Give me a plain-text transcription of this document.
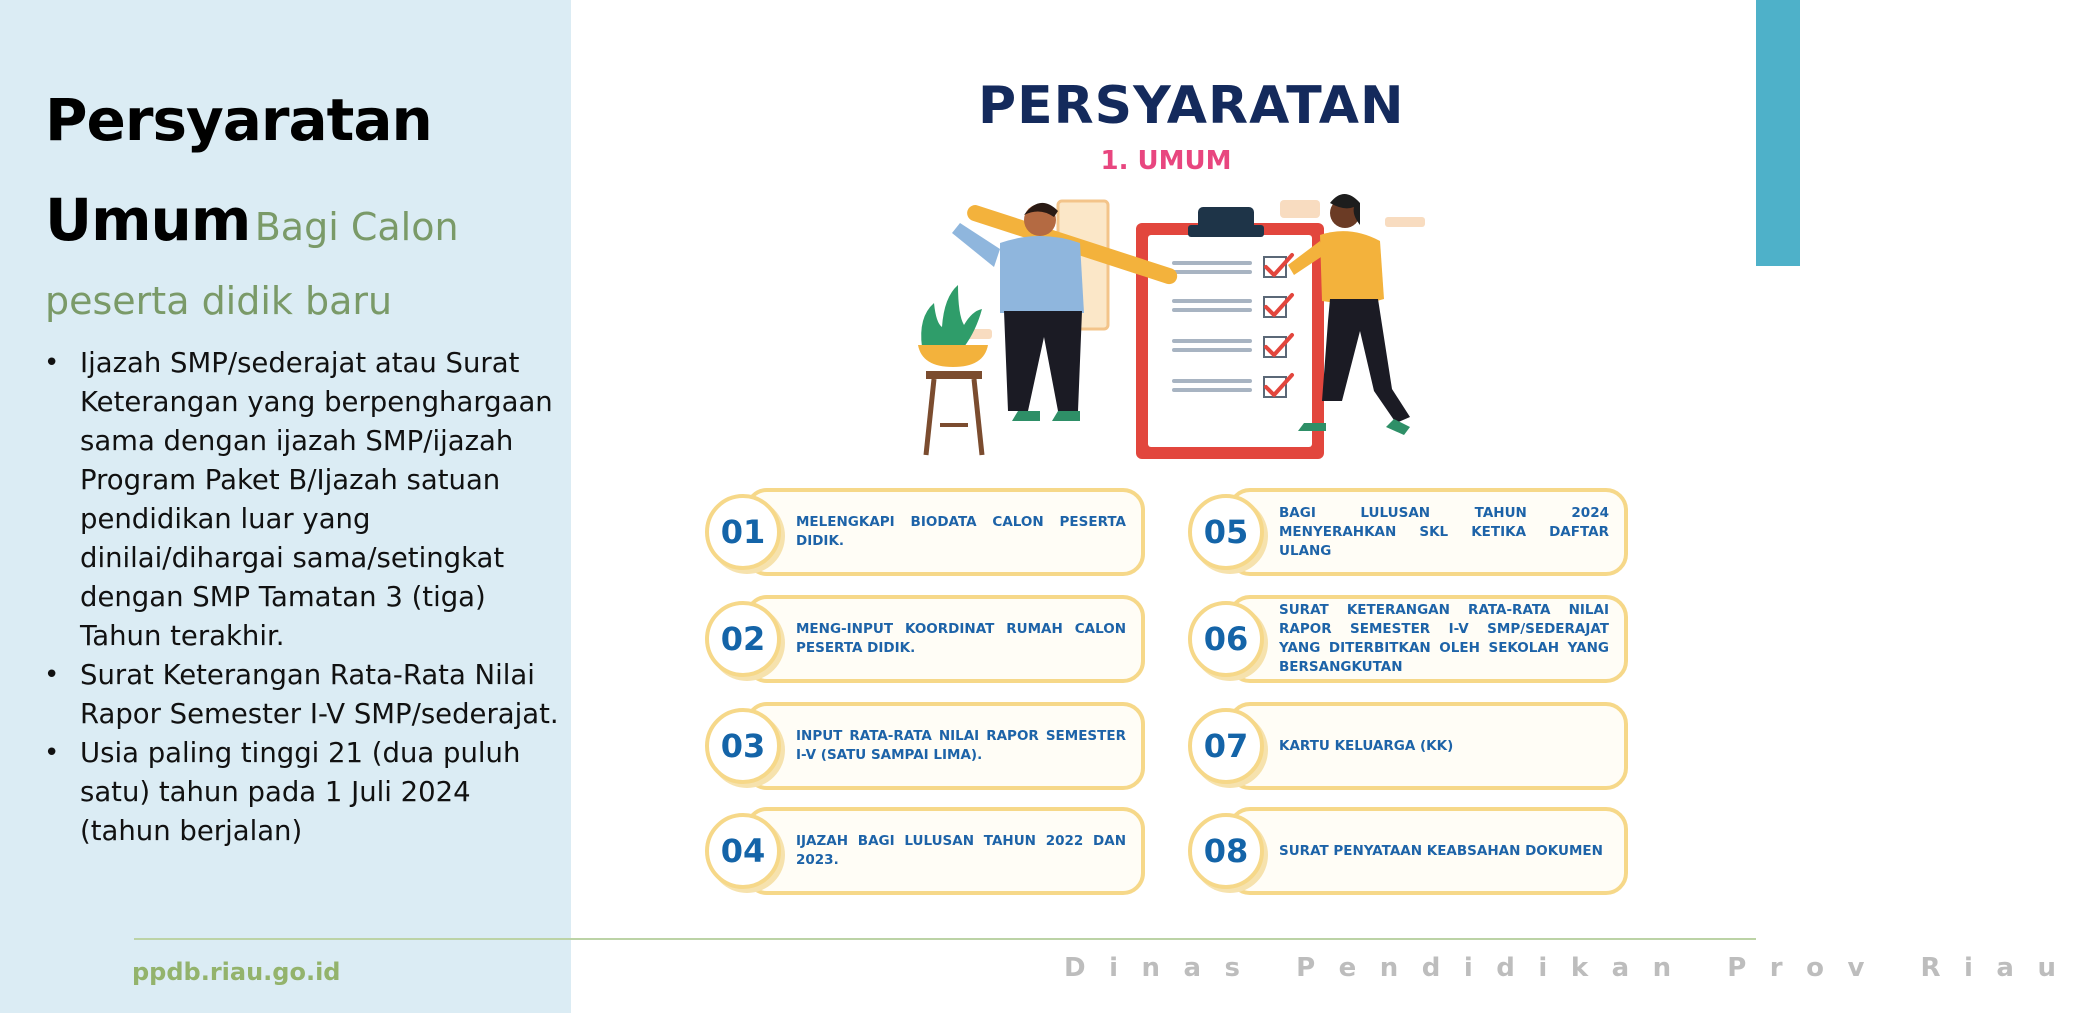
Persyaratan
Umum Bagi Calon
peserta didik baru
• Ijazah SMP/sederajat atau Surat Keterangan yang berpenghargaan sama dengan ijazah SMP/ijazah Program Paket B/Ijazah satuan pendidikan luar yang dinilai/dihargai sama/setingkat dengan SMP Tamatan 3 (tiga) Tahun terakhir.
• Surat Keterangan Rata-Rata Nilai Rapor Semester I-V SMP/sederajat.
• Usia paling tinggi 21 (dua puluh satu) tahun pada 1 Juli 2024 (tahun berjalan)
ppdb.riau.go.id	Dinas Pendidikan Prov Riau
PERSYARATAN
1. UMUM
01	MELENGKAPI BIODATA CALON PESERTA DIDIK.
02	MENG-INPUT KOORDINAT RUMAH CALON PESERTA DIDIK.
03	INPUT RATA-RATA NILAI RAPOR SEMESTER I-V (SATU SAMPAI LIMA).
04	IJAZAH BAGI LULUSAN TAHUN 2022 DAN 2023.
05
BAGI LULUSAN TAHUN 2024 MENYERAHKAN SKL KETIKA DAFTAR ULANG
06
SURAT KETERANGAN RATA-RATA NILAI RAPOR SEMESTER I-V SMP/SEDERAJAT YANG DITERBITKAN OLEH SEKOLAH YANG BERSANGKUTAN
07	KARTU KELUARGA (KK)
08	SURAT PENYATAAN KEABSAHAN DOKUMEN
